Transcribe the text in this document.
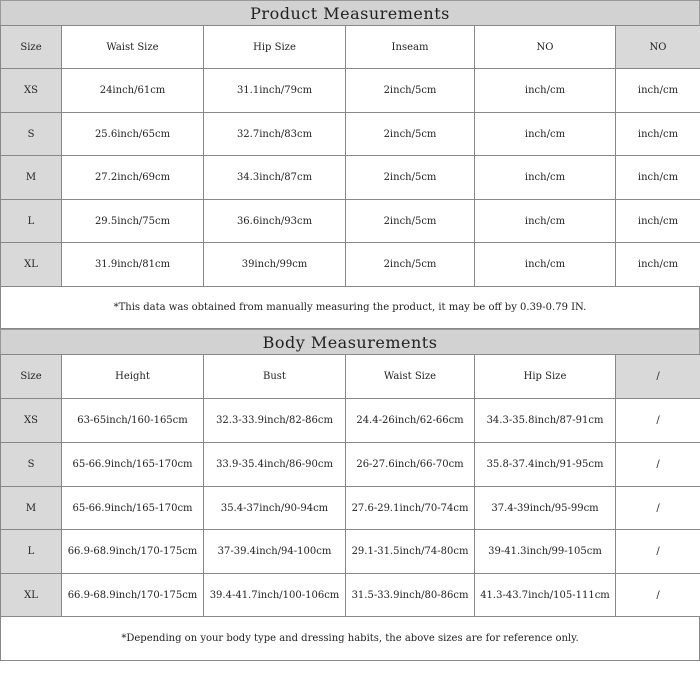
Product Measurements
Size	Waist Size	Hip Size	Inseam	NO	NO
XS	24inch/61cm	31.1inch/79cm	2inch/5cm	inch/cm	inch/cm
S	25.6inch/65cm	32.7inch/83cm	2inch/5cm	inch/cm	inch/cm
M	27.2inch/69cm	34.3inch/87cm	2inch/5cm	inch/cm	inch/cm
L	29.5inch/75cm	36.6inch/93cm	2inch/5cm	inch/cm	inch/cm
XL	31.9inch/81cm	39inch/99cm	2inch/5cm	inch/cm	inch/cm
*This data was obtained from manually measuring the product, it may be off by 0.39-0.79 IN.
Body Measurements
Size	Height	Bust	Waist Size	Hip Size	/
XS	63-65inch/160-165cm	32.3-33.9inch/82-86cm	24.4-26inch/62-66cm	34.3-35.8inch/87-91cm	/
S	65-66.9inch/165-170cm	33.9-35.4inch/86-90cm	26-27.6inch/66-70cm	35.8-37.4inch/91-95cm	/
M	65-66.9inch/165-170cm	35.4-37inch/90-94cm	27.6-29.1inch/70-74cm	37.4-39inch/95-99cm	/
L	66.9-68.9inch/170-175cm	37-39.4inch/94-100cm	29.1-31.5inch/74-80cm	39-41.3inch/99-105cm	/
XL	66.9-68.9inch/170-175cm	39.4-41.7inch/100-106cm	31.5-33.9inch/80-86cm	41.3-43.7inch/105-111cm	/
*Depending on your body type and dressing habits, the above sizes are for reference only.
